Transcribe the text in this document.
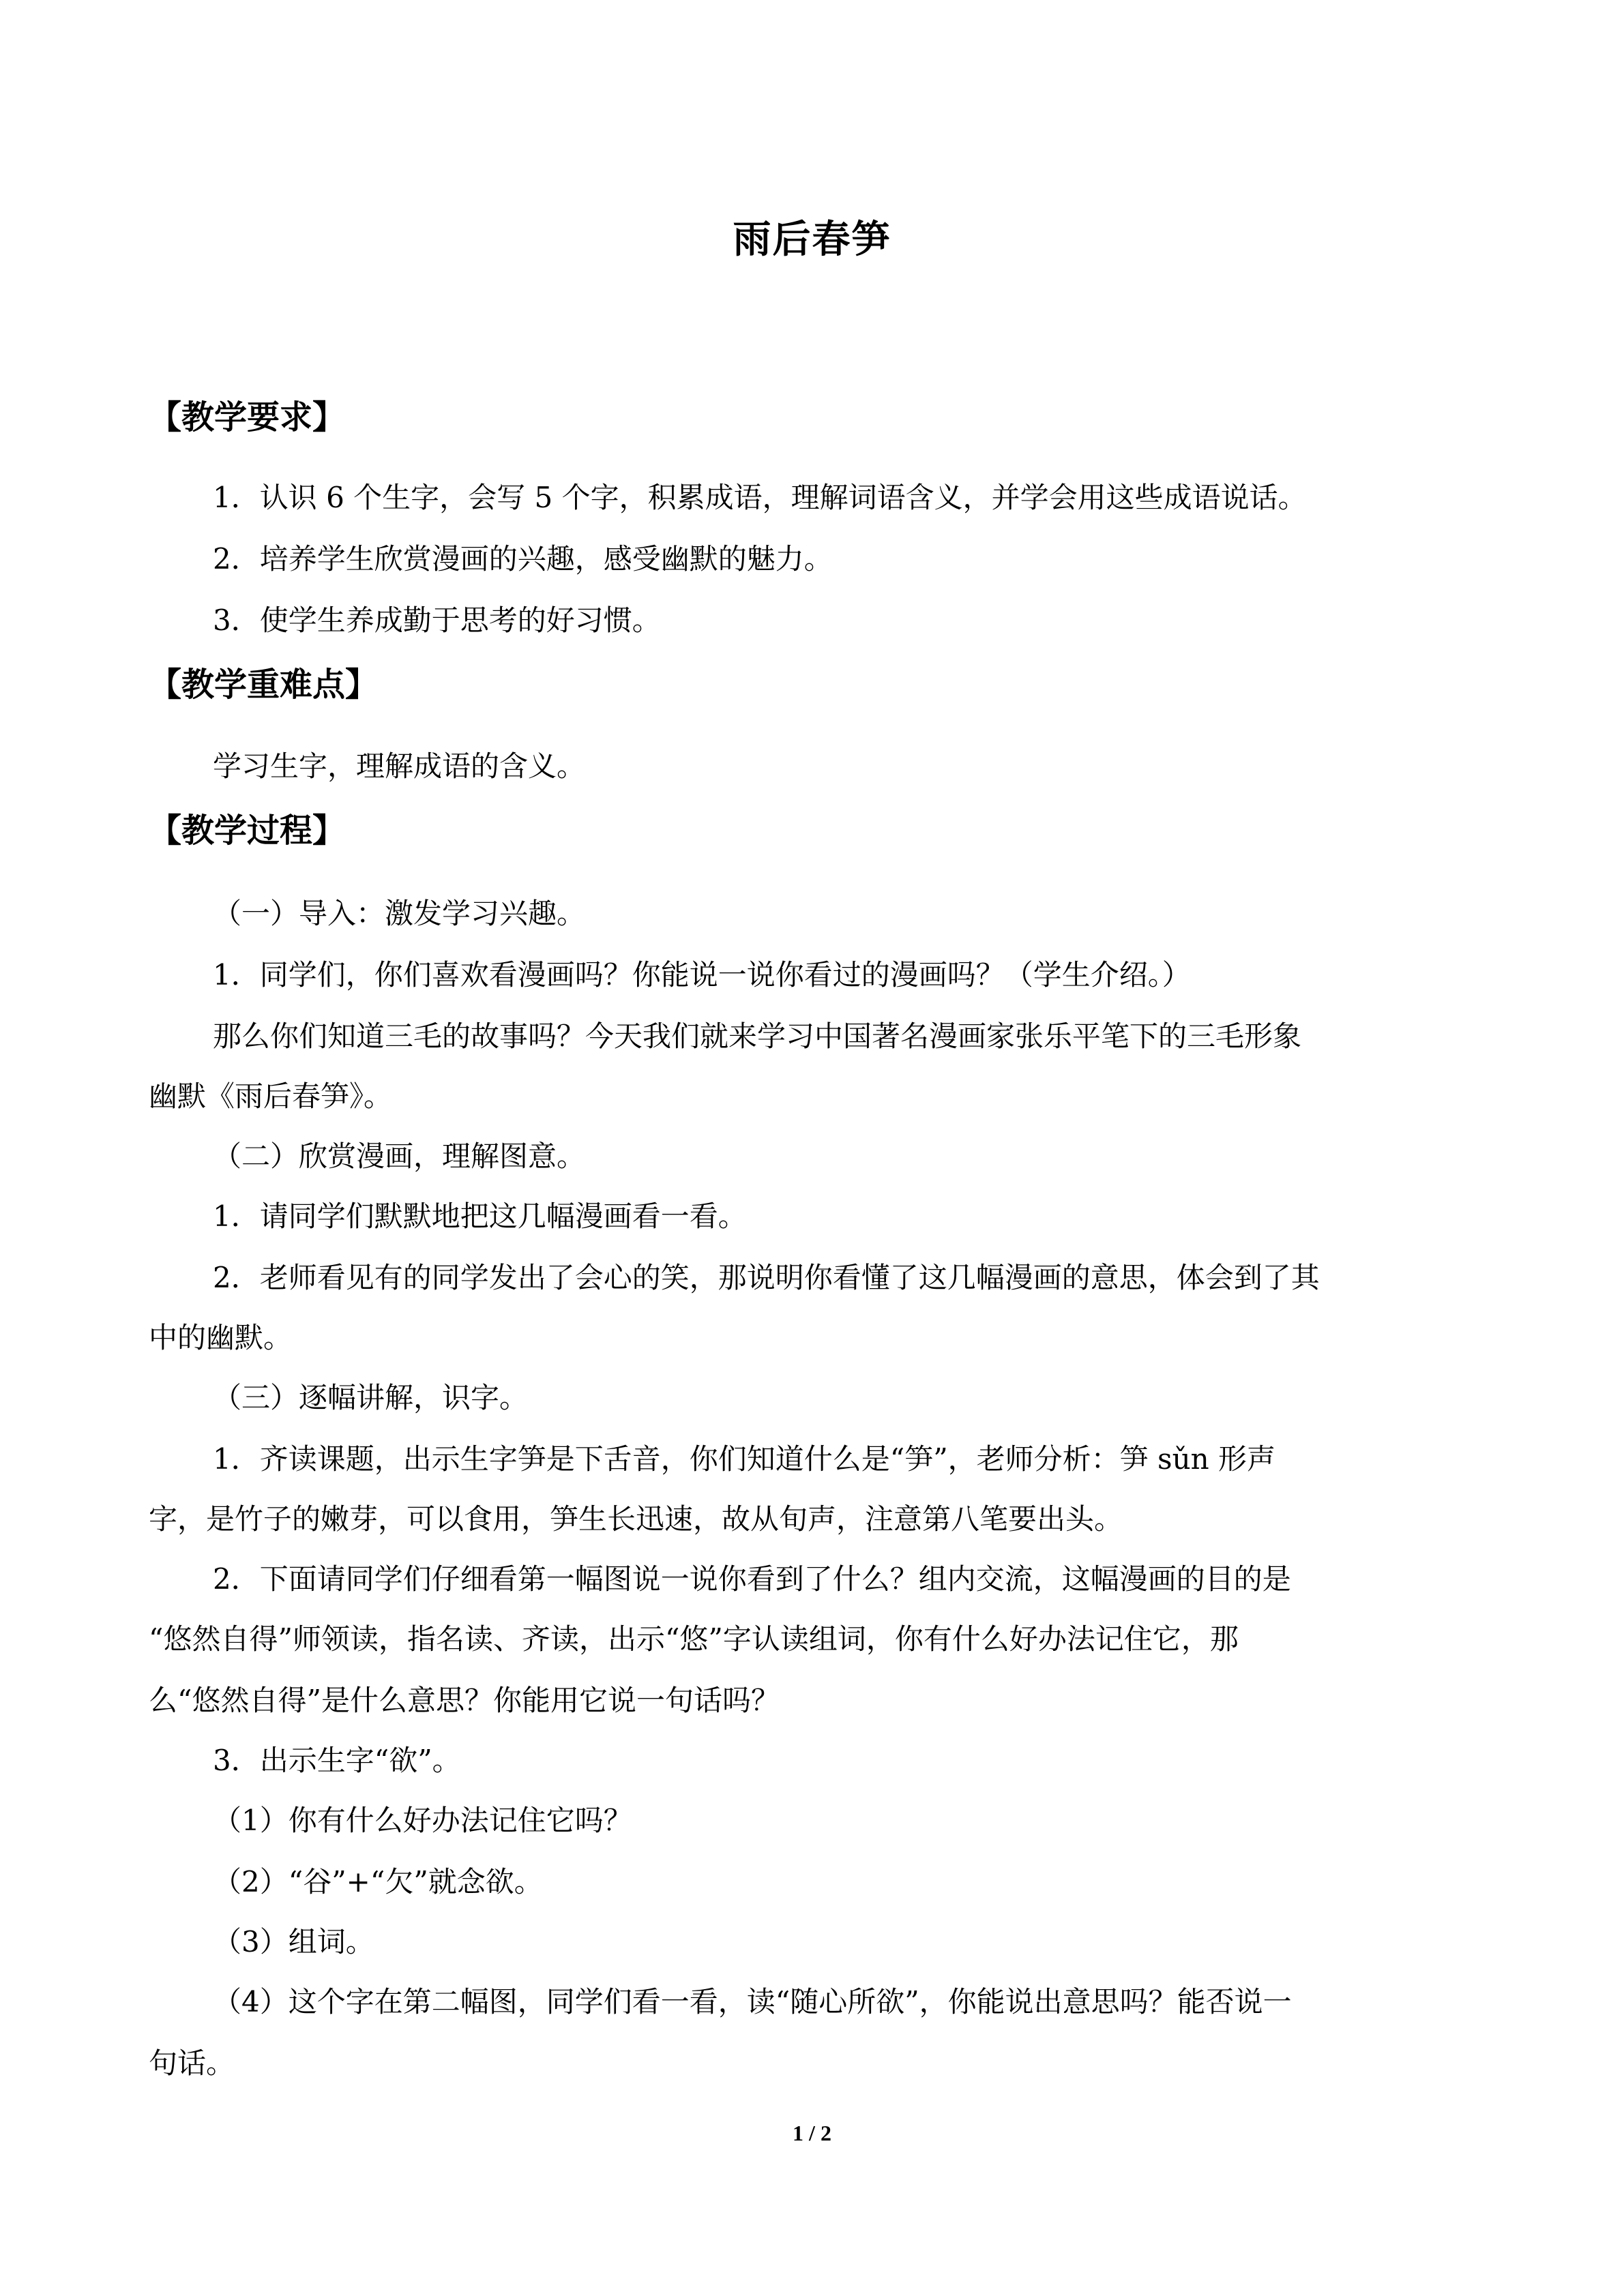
雨后春笋
【教学要求】
1．认识 6 个生字，会写 5 个字，积累成语，理解词语含义，并学会用这些成语说话。
2．培养学生欣赏漫画的兴趣，感受幽默的魅力。
3．使学生养成勤于思考的好习惯。
【教学重难点】
学习生字，理解成语的含义。
【教学过程】
（一）导入：激发学习兴趣。
1．同学们，你们喜欢看漫画吗？你能说一说你看过的漫画吗？（学生介绍。）
那么你们知道三毛的故事吗？今天我们就来学习中国著名漫画家张乐平笔下的三毛形象
幽默《雨后春笋》。
（二）欣赏漫画，理解图意。
1．请同学们默默地把这几幅漫画看一看。
2．老师看见有的同学发出了会心的笑，那说明你看懂了这几幅漫画的意思，体会到了其
中的幽默。
（三）逐幅讲解，识字。
1．齐读课题，出示生字笋是下舌音，你们知道什么是“笋”，老师分析：笋 sǔn 形声
字，是竹子的嫩芽，可以食用，笋生长迅速，故从旬声，注意第八笔要出头。
2．下面请同学们仔细看第一幅图说一说你看到了什么？组内交流，这幅漫画的目的是
“悠然自得”师领读，指名读、齐读，出示“悠”字认读组词，你有什么好办法记住它，那
么“悠然自得”是什么意思？你能用它说一句话吗？
3．出示生字“欲”。
（1）你有什么好办法记住它吗？
（2）“谷”+“欠”就念欲。
（3）组词。
（4）这个字在第二幅图，同学们看一看，读“随心所欲”，你能说出意思吗？能否说一
句话。
1 / 2
